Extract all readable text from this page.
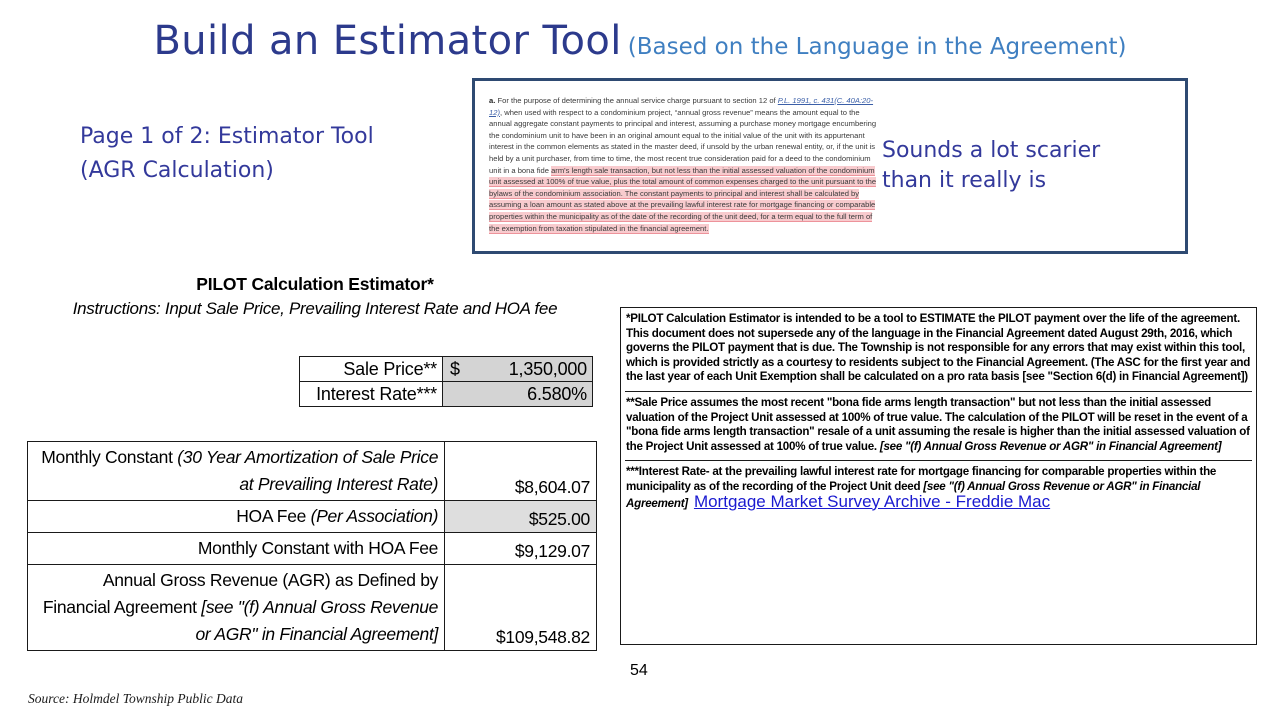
Build an Estimator Tool (Based on the Language in the Agreement)
Page 1 of 2: Estimator Tool
(AGR Calculation)
a. For the purpose of determining the annual service charge pursuant to section 12 of P.L. 1991, c. 431(C. 40A:20-12), when used with respect to a condominium project, “annual gross revenue” means the amount equal to the annual aggregate constant payments to principal and interest, assuming a purchase money mortgage encumbering the condominium unit to have been in an original amount equal to the initial value of the unit with its appurtenant interest in the common elements as stated in the master deed, if unsold by the urban renewal entity, or, if the unit is held by a unit purchaser, from time to time, the most recent true consideration paid for a deed to the condominium unit in a bona fide arm's length sale transaction, but not less than the initial assessed valuation of the condominium unit assessed at 100% of true value, plus the total amount of common expenses charged to the unit pursuant to the bylaws of the condominium association. The constant payments to principal and interest shall be calculated by assuming a loan amount as stated above at the prevailing lawful interest rate for mortgage financing or comparable properties within the municipality as of the date of the recording of the unit deed, for a term equal to the full term of the exemption from taxation stipulated in the financial agreement.
Sounds a lot scarier
than it really is
PILOT Calculation Estimator*
Instructions: Input Sale Price, Prevailing Interest Rate and HOA fee
Sale Price**	$ 1,350,000
Interest Rate***	6.580%
Monthly Constant (30 Year Amortization of Sale Price at Prevailing Interest Rate)	$8,604.07
HOA Fee (Per Association)	$525.00
Monthly Constant with HOA Fee	$9,129.07
Annual Gross Revenue (AGR) as Defined by Financial Agreement [see "(f) Annual Gross Revenue or AGR" in Financial Agreement]	$109,548.82
*PILOT Calculation Estimator is intended to be a tool to ESTIMATE the PILOT payment over the life of the agreement. This document does not supersede any of the language in the Financial Agreement dated August 29th, 2016, which governs the PILOT payment that is due. The Township is not responsible for any errors that may exist within this tool, which is provided strictly as a courtesy to residents subject to the Financial Agreement. (The ASC for the first year and the last year of each Unit Exemption shall be calculated on a pro rata basis [see "Section 6(d) in Financial Agreement])
**Sale Price assumes the most recent "bona fide arms length transaction" but not less than the initial assessed valuation of the Project Unit assessed at 100% of true value. The calculation of the PILOT will be reset in the event of a "bona fide arms length transaction" resale of a unit assuming the resale is higher than the initial assessed valuation of the Project Unit assessed at 100% of true value. [see "(f) Annual Gross Revenue or AGR" in Financial Agreement]
***Interest Rate- at the prevailing lawful interest rate for mortgage financing for comparable properties within the municipality as of the recording of the Project Unit deed [see "(f) Annual Gross Revenue or AGR" in Financial Agreement] Mortgage Market Survey Archive - Freddie Mac
54
Source: Holmdel Township Public Data
